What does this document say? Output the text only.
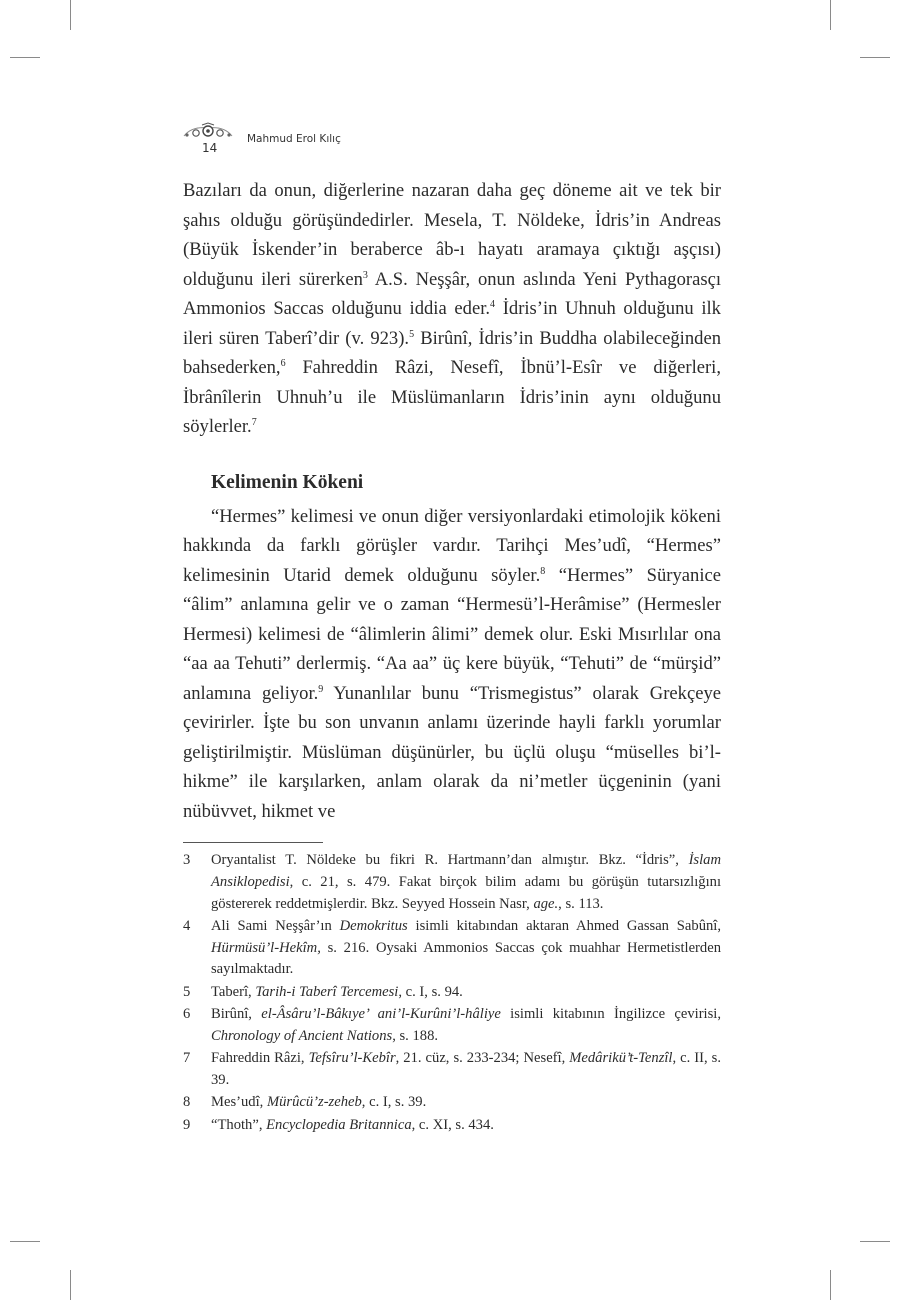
14
Mahmud Erol Kılıç

Bazıları da onun, diğerlerine nazaran daha geç döneme ait ve tek bir şahıs olduğu görüşündedirler. Mesela, T. Nöldeke, İdris’in Andreas (Büyük İskender’in beraberce âb-ı hayatı aramaya çıktığı aşçısı) olduğunu ileri sürerken$^3$ A.S. Neşşâr, onun aslında Yeni Pythagorasçı Ammonios Saccas olduğunu iddia eder.$^4$ İdris’in Uhnuh olduğunu ilk ileri süren Taberî’dir (v. 923).$^5$ Birûnî, İdris’in Buddha olabileceğinden bahsederken,$^6$ Fahreddin Râzi, Nesefî, İbnü’l-Esîr ve diğerleri, İbrânîlerin Uhnuh’u ile Müslümanların İdris’inin aynı olduğunu söylerler.$^7$

Kelimenin Kökeni

“Hermes” kelimesi ve onun diğer versiyonlardaki etimolojik kökeni hakkında da farklı görüşler vardır. Tarihçi Mes’udî, “Hermes” kelimesinin Utarid demek olduğunu söyler.$^8$ “Hermes” Süryanice “âlim” anlamına gelir ve o zaman “Hermesü’l-Herâmise” (Hermesler Hermesi) kelimesi de “âlimlerin âlimi” demek olur. Eski Mısırlılar ona “aa aa Tehuti” derlermiş. “Aa aa” üç kere büyük, “Tehuti” de “mürşid” anlamına geliyor.$^9$ Yunanlılar bunu “Trismegistus” olarak Grekçeye çevirirler. İşte bu son unvanın anlamı üzerinde hayli farklı yorumlar geliştirilmiştir. Müslüman düşünürler, bu üçlü oluşu “müselles bi’l-hikme” ile karşılarken, anlam olarak da ni’metler üçgeninin (yani nübüvvet, hikmet ve

3	Oryantalist T. Nöldeke bu fikri R. Hartmann’dan almıştır. Bkz. “İdris”, İslam Ansiklopedisi, c. 21, s. 479. Fakat birçok bilim adamı bu görüşün tutarsızlığını göstererek reddetmişlerdir. Bkz. Seyyed Hossein Nasr, age., s. 113.
4	Ali Sami Neşşâr’ın Demokritus isimli kitabından aktaran Ahmed Gassan Sabûnî, Hürmüsü’l-Hekîm, s. 216. Oysaki Ammonios Saccas çok muahhar Hermetistlerden sayılmaktadır.
5	Taberî, Tarih-i Taberî Tercemesi, c. I, s. 94.
6	Birûnî, el-Âsâru’l-Bâkıye’ ani’l-Kurûni’l-hâliye isimli kitabının İngilizce çevirisi, Chronology of Ancient Nations, s. 188.
7	Fahreddin Râzi, Tefsîru’l-Kebîr, 21. cüz, s. 233-234; Nesefî, Medârikü’t-Tenzîl, c. II, s. 39.
8	Mes’udî, Mürûcü’z-zeheb, c. I, s. 39.
9	“Thoth”, Encyclopedia Britannica, c. XI, s. 434.
